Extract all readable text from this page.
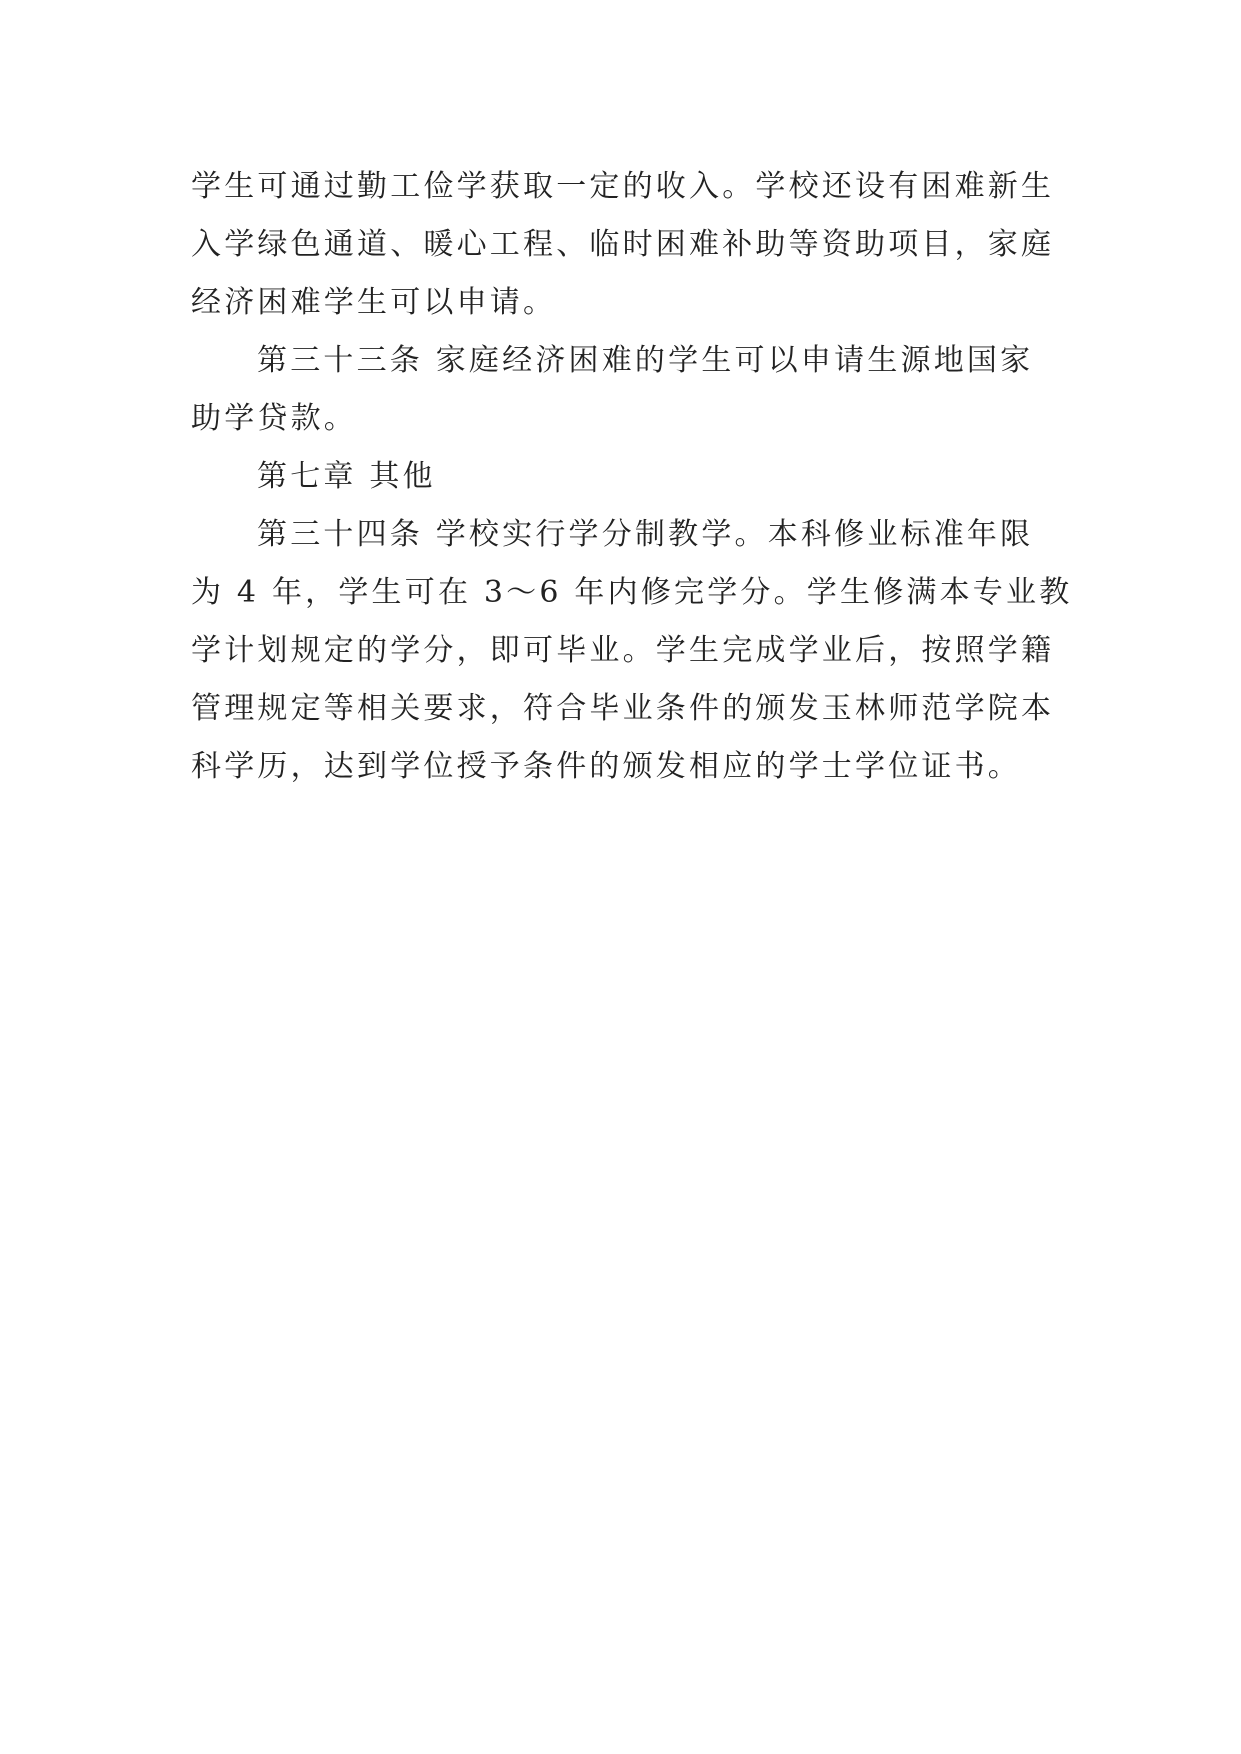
学生可通过勤工俭学获取一定的收入。学校还设有困难新生
入学绿色通道、暖心工程、临时困难补助等资助项目，家庭
经济困难学生可以申请。
第三十三条 家庭经济困难的学生可以申请生源地国家
助学贷款。
第七章 其他
第三十四条 学校实行学分制教学。本科修业标准年限
为 4 年，学生可在 3～6 年内修完学分。学生修满本专业教
学计划规定的学分，即可毕业。学生完成学业后，按照学籍
管理规定等相关要求，符合毕业条件的颁发玉林师范学院本
科学历，达到学位授予条件的颁发相应的学士学位证书。
